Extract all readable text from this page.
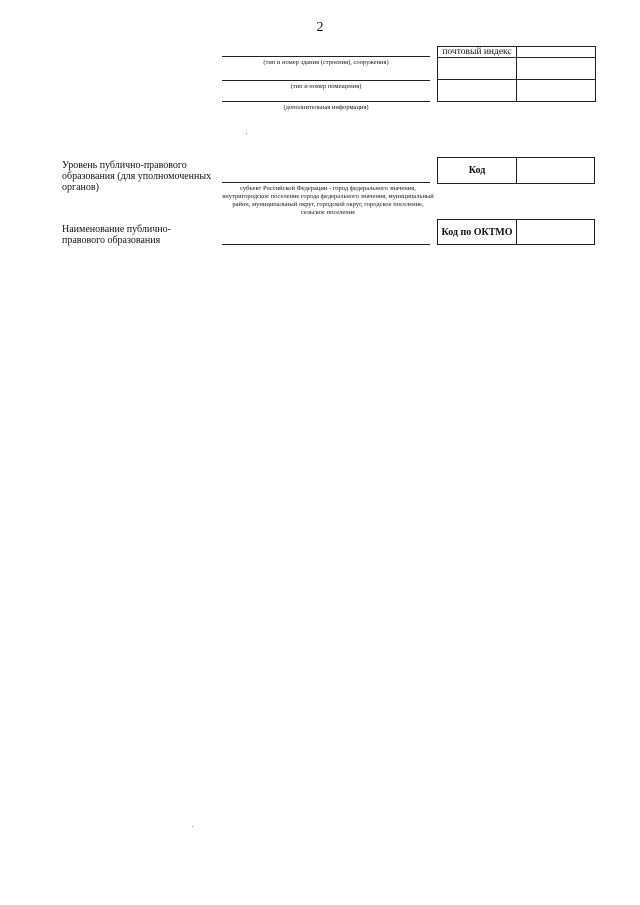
2
(тип и номер здания (строения), сооружения)
(тип и номер помещения)
(дополнительная информация)
почтовый индекс	

Уровень публично-правового образования (для уполномоченных органов)	субъект Российской Федерации - город федерального значения, внутригородское поселение города федерального значения, муниципальный район, муниципальный округ, городской округ, городское поселение, сельское поселение
Код
Наименование публично-правового образования
Код по ОКТМО
